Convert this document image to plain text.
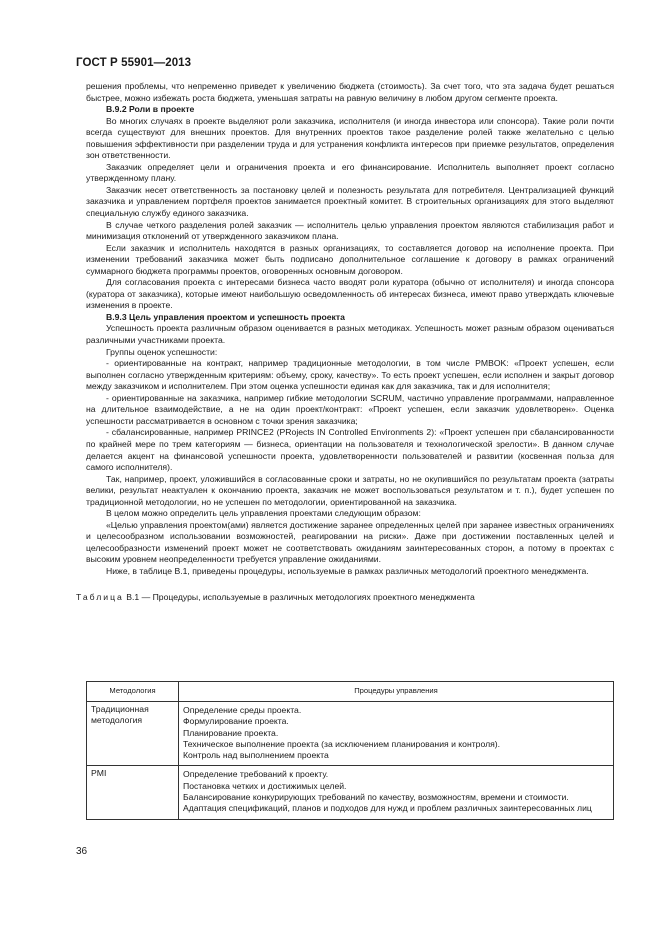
ГОСТ Р 55901—2013

решения проблемы, что непременно приведет к увеличению бюджета (стоимость). За счет того, что эта задача будет решаться быстрее, можно избежать роста бюджета, уменьшая затраты на равную величину в любом другом сегменте проекта.

В.9.2 Роли в проекте

Во многих случаях в проекте выделяют роли заказчика, исполнителя (и иногда инвестора или спонсора). Такие роли почти всегда существуют для внешних проектов. Для внутренних проектов такое разделение ролей также желательно с целью повышения эффективности при разделении труда и для устранения конфликта интересов при приемке результатов, определения зон ответственности.

Заказчик определяет цели и ограничения проекта и его финансирование. Исполнитель выполняет проект согласно утвержденному плану.

Заказчик несет ответственность за постановку целей и полезность результата для потребителя. Централизацией функций заказчика и управлением портфеля проектов занимается проектный комитет. В строительных организациях для этого выделяют специальную службу единого заказчика.

В случае четкого разделения ролей заказчик — исполнитель целью управления проектом являются стабилизация работ и минимизация отклонений от утвержденного заказчиком плана.

Если заказчик и исполнитель находятся в разных организациях, то составляется договор на исполнение проекта. При изменении требований заказчика может быть подписано дополнительное соглашение к договору в рамках ограничений суммарного бюджета программы проектов, оговоренных основным договором.

Для согласования проекта с интересами бизнеса часто вводят роли куратора (обычно от исполнителя) и иногда спонсора (куратора от заказчика), которые имеют наибольшую осведомленность об интересах бизнеса, имеют право утверждать ключевые изменения в проекте.

В.9.3 Цель управления проектом и успешность проекта

Успешность проекта различным образом оценивается в разных методиках. Успешность может разным образом оцениваться различными участниками проекта.

Группы оценок успешности:

- ориентированные на контракт, например традиционные методологии, в том числе PMBOK: «Проект успешен, если выполнен согласно утвержденным критериям: объему, сроку, качеству». То есть проект успешен, если исполнен и закрыт договор между заказчиком и исполнителем. При этом оценка успешности единая как для заказчика, так и для исполнителя;

- ориентированные на заказчика, например гибкие методологии SCRUM, частично управление программами, направленное на длительное взаимодействие, а не на один проект/контракт: «Проект успешен, если заказчик удовлетворен». Оценка успешности рассматривается в основном с точки зрения заказчика;

- сбалансированные, например PRINCE2 (PRojects IN Controlled Environments 2): «Проект успешен при сбалансированности по крайней мере по трем категориям — бизнеса, ориентации на пользователя и технологической зрелости». В данном случае делается акцент на финансовой успешности проекта, удовлетворенности пользователей и развитии (косвенная польза для самого исполнителя).

Так, например, проект, уложившийся в согласованные сроки и затраты, но не окупившийся по результатам проекта (затраты велики, результат неактуален к окончанию проекта, заказчик не может воспользоваться результатом и т. п.), будет успешен по традиционной методологии, но не успешен по методологии, ориентированной на заказчика.

В целом можно определить цель управления проектами следующим образом:

«Целью управления проектом(ами) является достижение заранее определенных целей при заранее известных ограничениях и целесообразном использовании возможностей, реагировании на риски». Даже при достижении поставленных целей и целесообразности изменений проект может не соответствовать ожиданиям заинтересованных сторон, а потому в проектах с высоким уровнем неопределенности требуется управление ожиданиями.

Ниже, в таблице В.1, приведены процедуры, используемые в рамках различных методологий проектного менеджмента.

Таблица В.1 — Процедуры, используемые в различных методологиях проектного менеджмента

Методология	Процедуры управления
Традиционная методология	Определение среды проекта.
Формулирование проекта.
Планирование проекта.
Техническое выполнение проекта (за исключением планирования и контроля).
Контроль над выполнением проекта

PMI	Определение требований к проекту.
Постановка четких и достижимых целей.
Балансирование конкурирующих требований по качеству, возможностям, времени и стоимости.
Адаптация спецификаций, планов и подходов для нужд и проблем различных заинтересованных лиц
36
